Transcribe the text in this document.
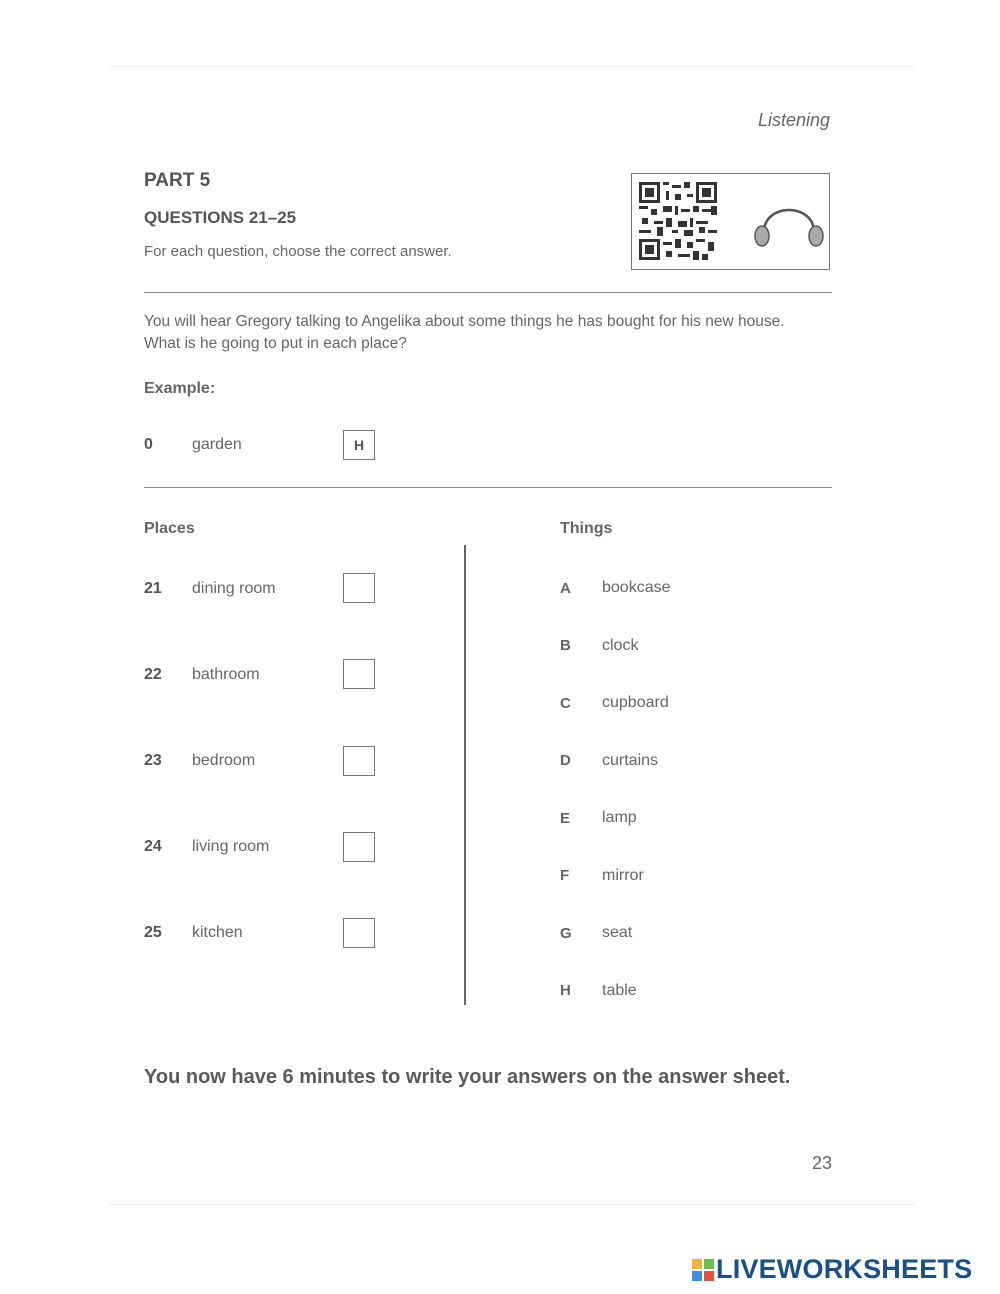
Listening
PART 5
QUESTIONS 21–25
For each question, choose the correct answer.
You will hear Gregory talking to Angelika about some things he has bought for his new house.
What is he going to put in each place?
Example:
0 garden	H
Places	Things
21 dining room
22 bathroom
23 bedroom
24 living room
25 kitchen
A bookcase
B clock
C cupboard
D curtains
E lamp
F mirror
G seat
H table
You now have 6 minutes to write your answers on the answer sheet.
23
LIVEWORKSHEETS
